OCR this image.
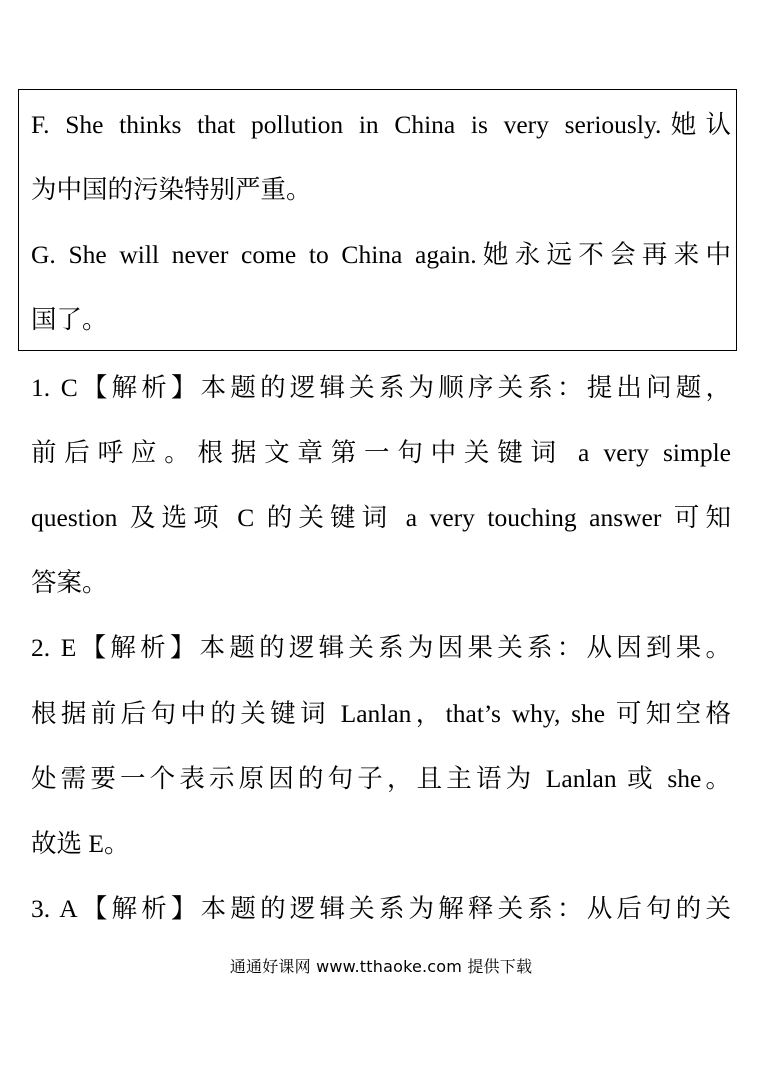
F. She thinks that pollution in China is very seriously.她认
为中国的污染特别严重。
G. She will never come to China again.她永远不会再来中
国了。
1. C【解析】本题的逻辑关系为顺序关系：提出问题，
前后呼应。根据文章第一句中关键词 a very simple
question 及选项 C 的关键词 a very touching answer 可知
答案。
2. E【解析】本题的逻辑关系为因果关系：从因到果。
根据前后句中的关键词 Lanlan，that’s why, she 可知空格
处需要一个表示原因的句子，且主语为 Lanlan 或 she。
故选 E。
3. A【解析】本题的逻辑关系为解释关系：从后句的关
通通好课网 www.tthaoke.com 提供下载
